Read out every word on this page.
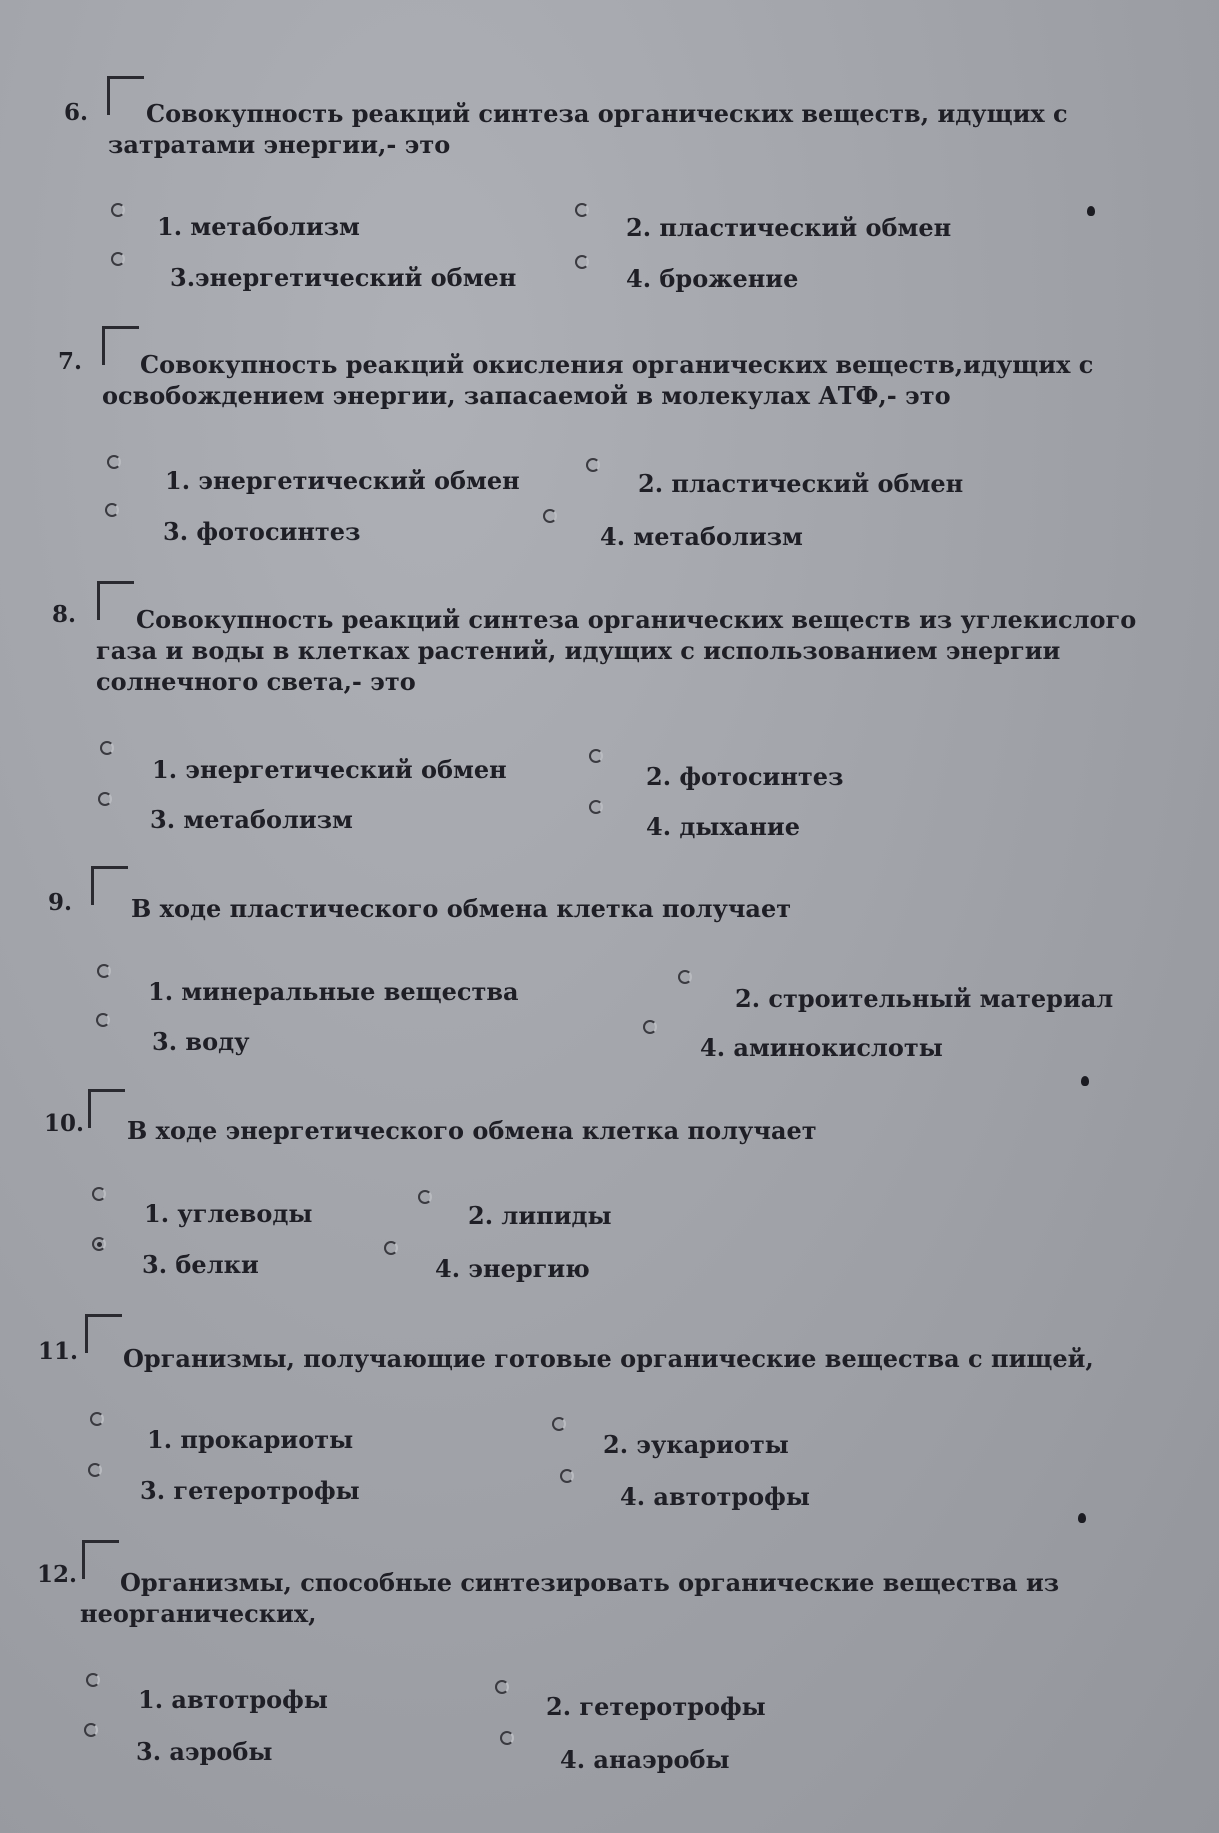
6.	Совокупность реакций синтеза органических веществ, идущих с затратами энергии,- это
1. метаболизм	2. пластический обмен
3.энергетический обмен	4. брожение
7.	Совокупность реакций окисления органических веществ,идущих с освобождением энергии, запасаемой в молекулах АТФ,- это
1. энергетический обмен	2. пластический обмен
3. фотосинтез	4. метаболизм
8.	Совокупность реакций синтеза органических веществ из углекислого газа и воды в клетках растений, идущих с использованием энергии солнечного света,- это
1. энергетический обмен	2. фотосинтез
3. метаболизм	4. дыхание
9. В ходе пластического обмена клетка получает
1. минеральные вещества	2. строительный материал
3. воду	4. аминокислоты
10. В ходе энергетического обмена клетка получает
1. углеводы	2. липиды
3. белки	4. энергию
11. Организмы, получающие готовые органические вещества с пищей,
1. прокариоты	2. эукариоты
3. гетеротрофы	4. автотрофы
12.	Организмы, способные синтезировать органические вещества из неорганических,
1. автотрофы	2. гетеротрофы
3. аэробы	4. анаэробы
